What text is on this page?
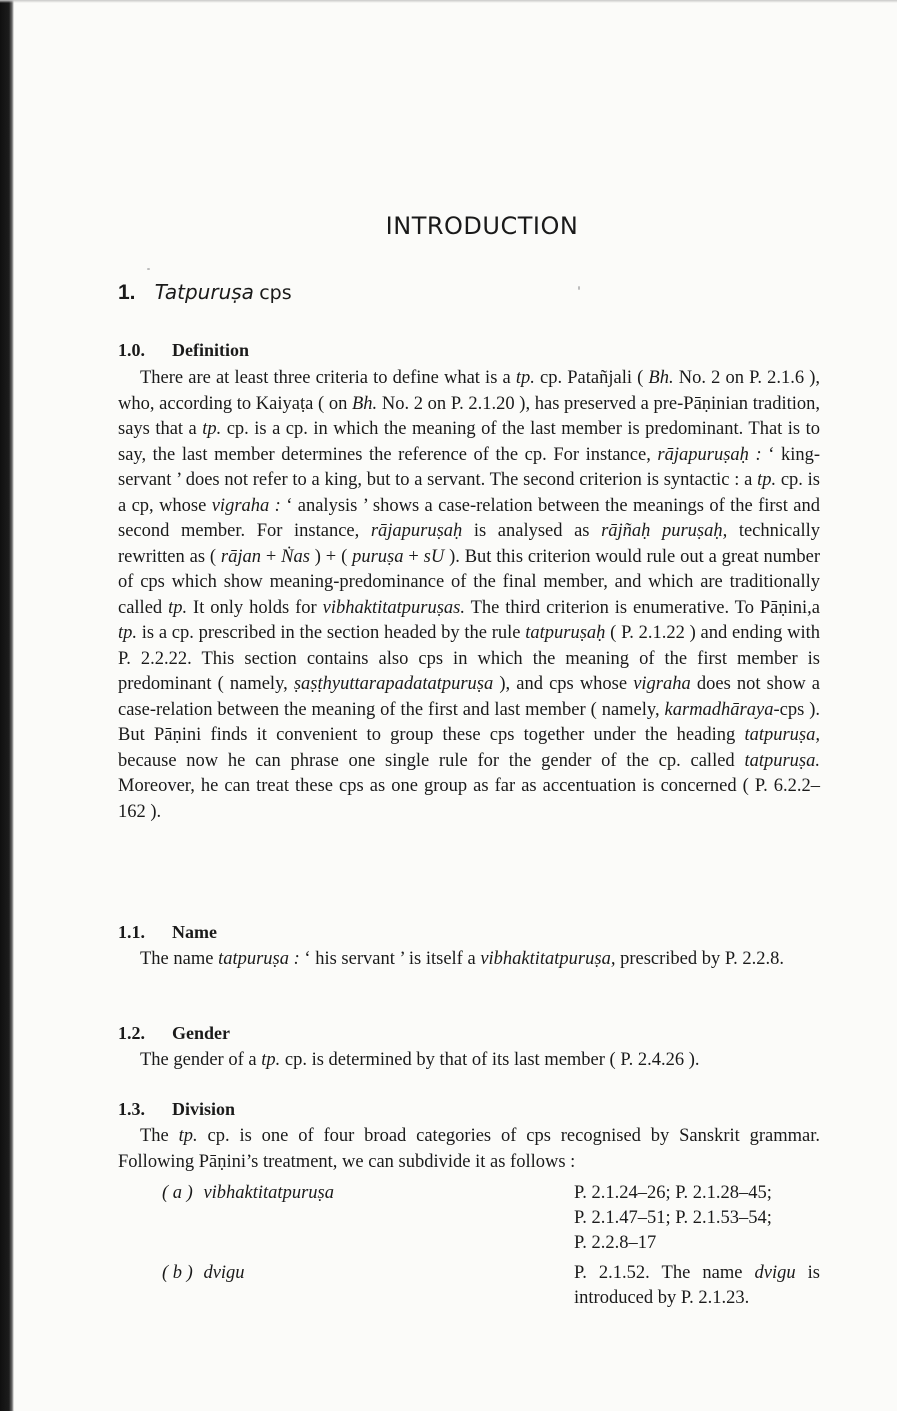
INTRODUCTION
1. Tatpuruṣa cps
1.0. Definition
There are at least three criteria to define what is a tp. cp. Patañjali ( Bh. No. 2 on P. 2.1.6 ), who, according to Kaiyaṭa ( on Bh. No. 2 on P. 2.1.20 ), has preserved a pre-Pāṇinian tradition, says that a tp. cp. is a cp. in which the meaning of the last member is predominant. That is to say, the last member determines the reference of the cp. For instance, rājapuruṣaḥ : ‘ king-servant ’ does not refer to a king, but to a servant. The second criterion is syntactic : a tp. cp. is a cp, whose vigraha : ‘ analysis ’ shows a case-relation between the meanings of the first and second member. For instance, rājapuruṣaḥ is analysed as rājñaḥ puruṣaḥ, technically rewritten as ( rājan + Ṅas ) + ( puruṣa + sU ). But this criterion would rule out a great number of cps which show meaning-predominance of the final member, and which are traditionally called tp. It only holds for vibhaktitatpuruṣas. The third criterion is enumerative. To Pāṇini,a tp. is a cp. prescribed in the section headed by the rule tatpuruṣaḥ ( P. 2.1.22 ) and ending with P. 2.2.22. This section contains also cps in which the meaning of the first member is predominant ( namely, ṣaṣṭhyuttarapadatatpuruṣa ), and cps whose vigraha does not show a case-relation between the meaning of the first and last member ( namely, karmadhāraya-cps ). But Pāṇini finds it convenient to group these cps together under the heading tatpuruṣa, because now he can phrase one single rule for the gender of the cp. called tatpuruṣa. Moreover, he can treat these cps as one group as far as accentuation is concerned ( P. 6.2.2–162 ).
1.1. Name
The name tatpuruṣa : ‘ his servant ’ is itself a vibhaktitatpuruṣa, prescribed by P. 2.2.8.
1.2. Gender
The gender of a tp. cp. is determined by that of its last member ( P. 2.4.26 ).
1.3. Division
The tp. cp. is one of four broad categories of cps recognised by Sanskrit grammar. Following Pāṇini’s treatment, we can subdivide it as follows :
( a ) vibhaktitatpuruṣa	P. 2.1.24–26; P. 2.1.28–45;
P. 2.1.47–51; P. 2.1.53–54;
P. 2.2.8–17
( b ) dvigu	P. 2.1.52. The name dvigu is introduced by P. 2.1.23.
